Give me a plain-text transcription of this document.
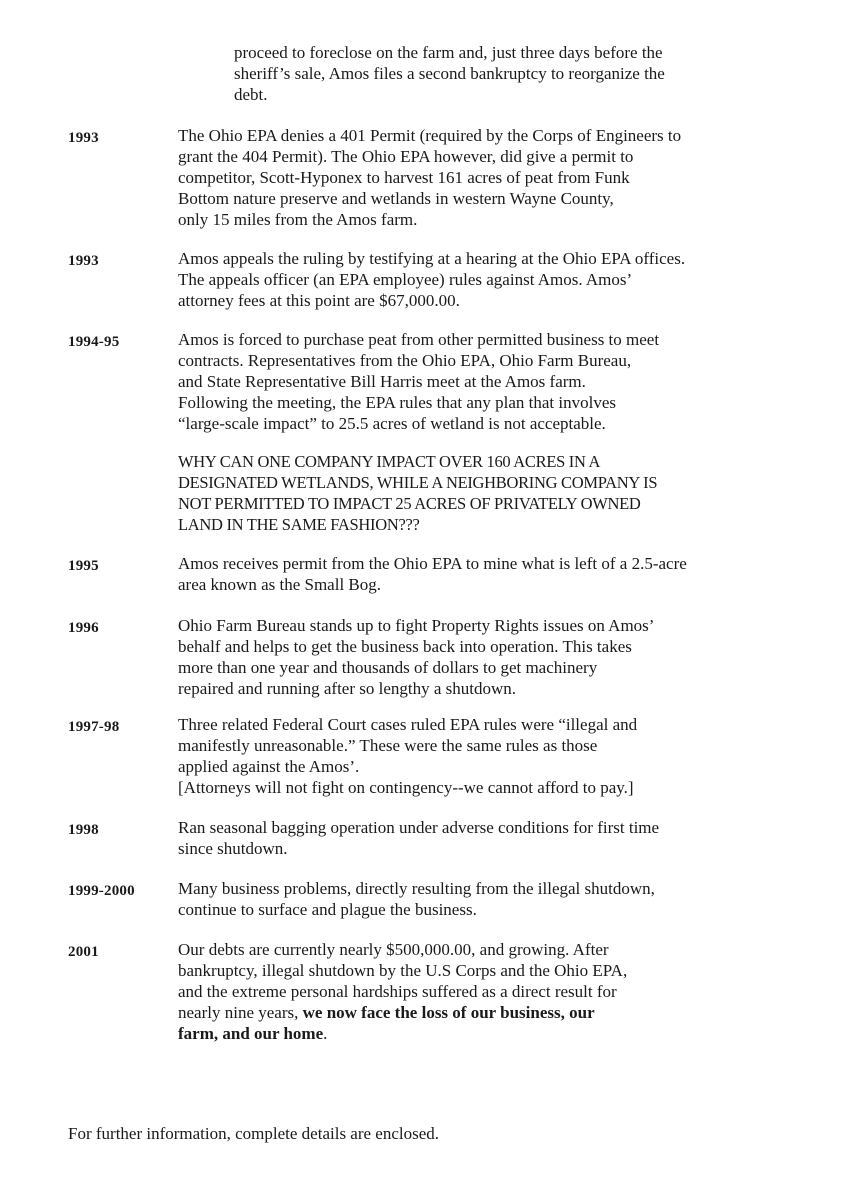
proceed to foreclose on the farm and, just three days before the
sheriff’s sale, Amos files a second bankruptcy to reorganize the
debt.
1993	The Ohio EPA denies a 401 Permit (required by the Corps of Engineers to
grant the 404 Permit). The Ohio EPA however, did give a permit to
competitor, Scott-Hyponex to harvest 161 acres of peat from Funk
Bottom nature preserve and wetlands in western Wayne County,
only 15 miles from the Amos farm.
1993	Amos appeals the ruling by testifying at a hearing at the Ohio EPA offices.
The appeals officer (an EPA employee) rules against Amos. Amos’
attorney fees at this point are $67,000.00.
1994-95	Amos is forced to purchase peat from other permitted business to meet
contracts. Representatives from the Ohio EPA, Ohio Farm Bureau,
and State Representative Bill Harris meet at the Amos farm.
Following the meeting, the EPA rules that any plan that involves
“large-scale impact” to 25.5 acres of wetland is not acceptable.
WHY CAN ONE COMPANY IMPACT OVER 160 ACRES IN A
DESIGNATED WETLANDS, WHILE A NEIGHBORING COMPANY IS
NOT PERMITTED TO IMPACT 25 ACRES OF PRIVATELY OWNED
LAND IN THE SAME FASHION???
1995	Amos receives permit from the Ohio EPA to mine what is left of a 2.5-acre
area known as the Small Bog.
1996	Ohio Farm Bureau stands up to fight Property Rights issues on Amos’
behalf and helps to get the business back into operation. This takes
more than one year and thousands of dollars to get machinery
repaired and running after so lengthy a shutdown.
1997-98	Three related Federal Court cases ruled EPA rules were “illegal and
manifestly unreasonable.” These were the same rules as those
applied against the Amos’.
[Attorneys will not fight on contingency--we cannot afford to pay.]
1998	Ran seasonal bagging operation under adverse conditions for first time
since shutdown.
1999-2000	Many business problems, directly resulting from the illegal shutdown,
continue to surface and plague the business.
2001	Our debts are currently nearly $500,000.00, and growing. After
bankruptcy, illegal shutdown by the U.S Corps and the Ohio EPA,
and the extreme personal hardships suffered as a direct result for
nearly nine years, we now face the loss of our business, our
farm, and our home.
For further information, complete details are enclosed.
